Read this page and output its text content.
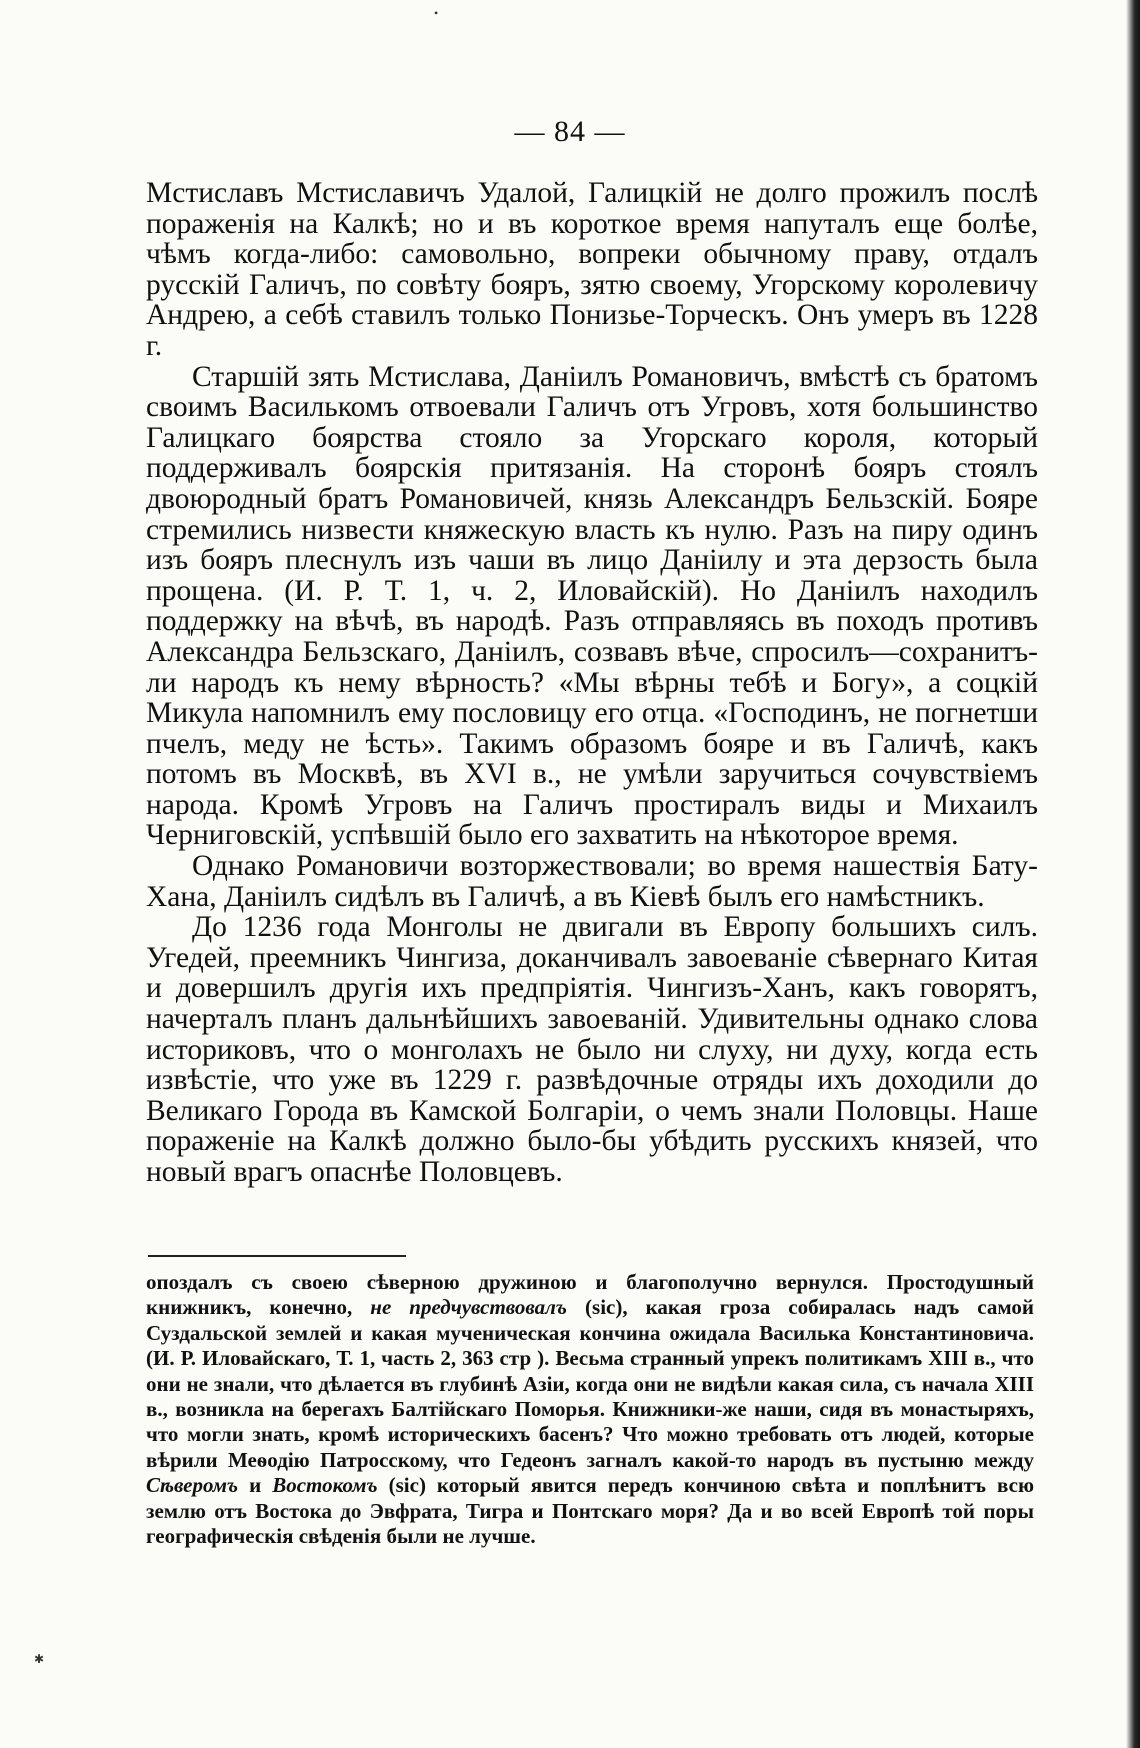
•
✱
— 84 —

Мстиславъ Мстиславичъ Удалой, Галицкій не долго прожилъ послѣ пораженія на Калкѣ; но и въ короткое время напуталъ еще болѣе, чѣмъ когда-либо: самовольно, вопреки обычному праву, отдалъ русскій Галичъ, по совѣту бояръ, зятю своему, Угорскому королевичу Андрею, а себѣ ставилъ только Понизье-Торческъ. Онъ умеръ въ 1228 г.

Старшій зять Мстислава, Даніилъ Романовичъ, вмѣстѣ съ братомъ своимъ Василькомъ отвоевали Галичъ отъ Угровъ, хотя большинство Галицкаго боярства стояло за Угорскаго короля, который поддерживалъ боярскія притязанія. На сторонѣ бояръ стоялъ двоюродный братъ Романовичей, князь Александръ Бельзскій. Бояре стремились низвести княжескую власть къ нулю. Разъ на пиру одинъ изъ бояръ плеснулъ изъ чаши въ лицо Даніилу и эта дерзость была прощена. (И. Р. Т. 1, ч. 2, Иловайскій). Но Даніилъ находилъ поддержку на вѣчѣ, въ народѣ. Разъ отправляясь въ походъ противъ Александра Бельзскаго, Даніилъ, созвавъ вѣче, спросилъ—сохранитъ-ли народъ къ нему вѣрность? «Мы вѣрны тебѣ и Богу», а соцкій Микула напомнилъ ему пословицу его отца. «Господинъ, не погнетши пчелъ, меду не ѣсть». Такимъ образомъ бояре и въ Галичѣ, какъ потомъ въ Москвѣ, въ XVI в., не умѣли заручиться сочувствіемъ народа. Кромѣ Угровъ на Галичъ простиралъ виды и Михаилъ Черниговскій, успѣвшій было его захватить на нѣкоторое время.

Однако Романовичи возторжествовали; во время нашествія Бату-Хана, Даніилъ сидѣлъ въ Галичѣ, а въ Кіевѣ былъ его намѣстникъ.

До 1236 года Монголы не двигали въ Европу большихъ силъ. Угедей, преемникъ Чингиза, доканчивалъ завоеваніе сѣвернаго Китая и довершилъ другія ихъ предпріятія. Чингизъ-Ханъ, какъ говорятъ, начерталъ планъ дальнѣйшихъ завоеваній. Удивительны однако слова историковъ, что о монголахъ не было ни слуху, ни духу, когда есть извѣстіе, что уже въ 1229 г. развѣдочные отряды ихъ доходили до Великаго Города въ Камской Болгаріи, о чемъ знали Половцы. Наше пораженіе на Калкѣ должно было-бы убѣдить русскихъ князей, что новый врагъ опаснѣе Половцевъ.

опоздалъ съ своею сѣверною дружиною и благополучно вернулся. Простодушный книжникъ, конечно, не предчувствовалъ (sic), какая гроза собиралась надъ самой Суздальской землей и какая мученическая кончина ожидала Василька Константиновича. (И. Р. Иловайскаго, Т. 1, часть 2, 363 стр ). Весьма странный упрекъ политикамъ XIII в., что они не знали, что дѣлается въ глубинѣ Азіи, когда они не видѣли какая сила, съ начала XIII в., возникла на берегахъ Балтійскаго Поморья. Книжники-же наши, сидя въ монастыряхъ, что могли знать, кромѣ историческихъ басенъ? Что можно требовать отъ людей, которые вѣрили Меѳодію Патросскому, что Гедеонъ загналъ какой-то народъ въ пустыню между Сѣверомъ и Востокомъ (sic) который явится передъ кончиною свѣта и поплѣнитъ всю землю отъ Востока до Эвфрата, Тигра и Понтскаго моря? Да и во всей Европѣ той поры географическія свѣденія были не лучше.
